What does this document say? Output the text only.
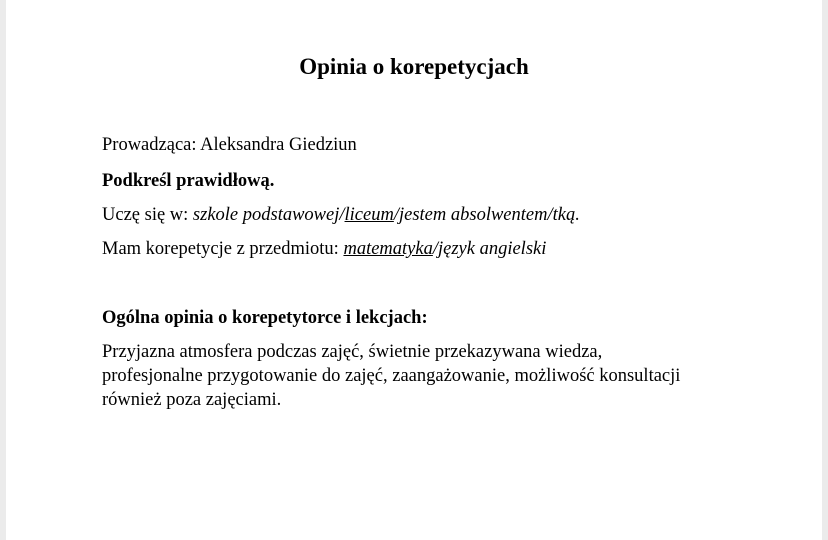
Opinia o korepetycjach
Prowadząca: Aleksandra Giedziun
Podkreśl prawidłową.
Uczę się w: szkole podstawowej/liceum/jestem absolwentem/tką.
Mam korepetycje z przedmiotu: matematyka/język angielski
Ogólna opinia o korepetytorce i lekcjach:
Przyjazna atmosfera podczas zajęć, świetnie przekazywana wiedza,
profesjonalne przygotowanie do zajęć, zaangażowanie, możliwość konsultacji
również poza zajęciami.
